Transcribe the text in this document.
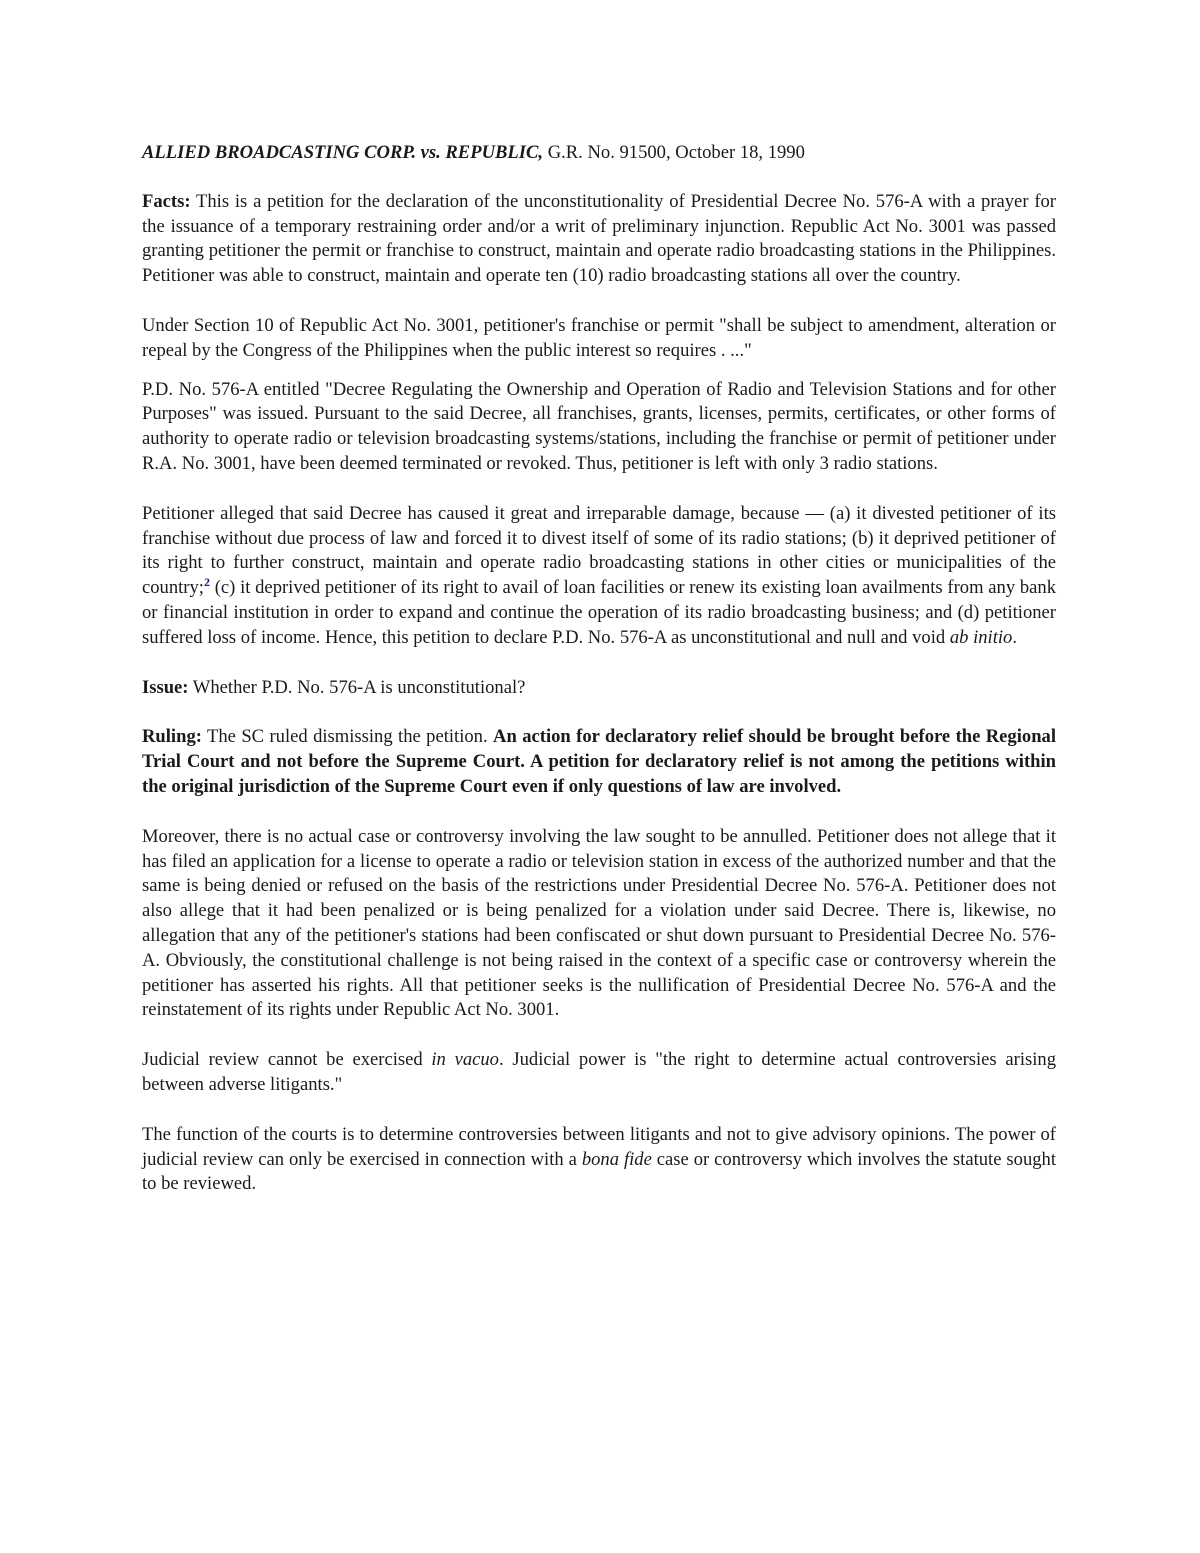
ALLIED BROADCASTING CORP. vs. REPUBLIC, G.R. No. 91500, October 18, 1990

Facts: This is a petition for the declaration of the unconstitutionality of Presidential Decree No. 576-A with a prayer for the issuance of a temporary restraining order and/or a writ of preliminary injunction. Republic Act No. 3001 was passed granting petitioner the permit or franchise to construct, maintain and operate radio broadcasting stations in the Philippines. Petitioner was able to construct, maintain and operate ten (10) radio broadcasting stations all over the country.

Under Section 10 of Republic Act No. 3001, petitioner's franchise or permit "shall be subject to amendment, alteration or repeal by the Congress of the Philippines when the public interest so requires . ..."

P.D. No. 576-A entitled "Decree Regulating the Ownership and Operation of Radio and Television Stations and for other Purposes" was issued. Pursuant to the said Decree, all franchises, grants, licenses, permits, certificates, or other forms of authority to operate radio or television broadcasting systems/stations, including the franchise or permit of petitioner under R.A. No. 3001, have been deemed terminated or revoked. Thus, petitioner is left with only 3 radio stations.

Petitioner alleged that said Decree has caused it great and irreparable damage, because — (a) it divested petitioner of its franchise without due process of law and forced it to divest itself of some of its radio stations; (b) it deprived petitioner of its right to further construct, maintain and operate radio broadcasting stations in other cities or municipalities of the country;$^2$ (c) it deprived petitioner of its right to avail of loan facilities or renew its existing loan availments from any bank or financial institution in order to expand and continue the operation of its radio broadcasting business; and (d) petitioner suffered loss of income. Hence, this petition to declare P.D. No. 576-A as unconstitutional and null and void ab initio.

Issue: Whether P.D. No. 576-A is unconstitutional?

Ruling: The SC ruled dismissing the petition. An action for declaratory relief should be brought before the Regional Trial Court and not before the Supreme Court. A petition for declaratory relief is not among the petitions within the original jurisdiction of the Supreme Court even if only questions of law are involved.

Moreover, there is no actual case or controversy involving the law sought to be annulled. Petitioner does not allege that it has filed an application for a license to operate a radio or television station in excess of the authorized number and that the same is being denied or refused on the basis of the restrictions under Presidential Decree No. 576-A. Petitioner does not also allege that it had been penalized or is being penalized for a violation under said Decree. There is, likewise, no allegation that any of the petitioner's stations had been confiscated or shut down pursuant to Presidential Decree No. 576-A. Obviously, the constitutional challenge is not being raised in the context of a specific case or controversy wherein the petitioner has asserted his rights. All that petitioner seeks is the nullification of Presidential Decree No. 576-A and the reinstatement of its rights under Republic Act No. 3001.

Judicial review cannot be exercised in vacuo. Judicial power is "the right to determine actual controversies arising between adverse litigants."

The function of the courts is to determine controversies between litigants and not to give advisory opinions. The power of judicial review can only be exercised in connection with a bona fide case or controversy which involves the statute sought to be reviewed.
